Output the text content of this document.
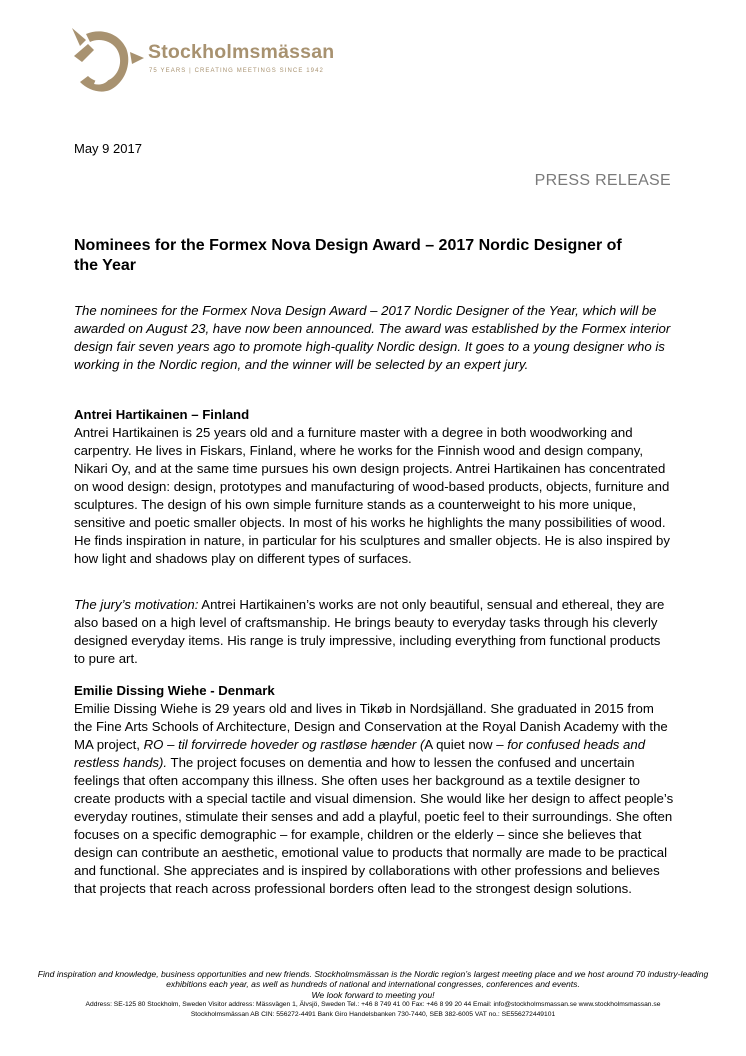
Stockholmsmässan
75 YEARS | CREATING MEETINGS SINCE 1942
May 9 2017
PRESS RELEASE
Nominees for the Formex Nova Design Award – 2017 Nordic Designer of the Year

The nominees for the Formex Nova Design Award – 2017 Nordic Designer of the Year, which will be awarded on August 23, have now been announced. The award was established by the Formex interior design fair seven years ago to promote high-quality Nordic design. It goes to a young designer who is working in the Nordic region, and the winner will be selected by an expert jury.

Antrei Hartikainen – Finland

Antrei Hartikainen is 25 years old and a furniture master with a degree in both woodworking and carpentry. He lives in Fiskars, Finland, where he works for the Finnish wood and design company, Nikari Oy, and at the same time pursues his own design projects. Antrei Hartikainen has concentrated on wood design: design, prototypes and manufacturing of wood-based products, objects, furniture and sculptures. The design of his own simple furniture stands as a counterweight to his more unique, sensitive and poetic smaller objects. In most of his works he highlights the many possibilities of wood. He finds inspiration in nature, in particular for his sculptures and smaller objects. He is also inspired by how light and shadows play on different types of surfaces.

The jury’s motivation: Antrei Hartikainen’s works are not only beautiful, sensual and ethereal, they are also based on a high level of craftsmanship. He brings beauty to everyday tasks through his cleverly designed everyday items. His range is truly impressive, including everything from functional products to pure art.

Emilie Dissing Wiehe - Denmark

Emilie Dissing Wiehe is 29 years old and lives in Tikøb in Nordsjälland. She graduated in 2015 from the Fine Arts Schools of Architecture, Design and Conservation at the Royal Danish Academy with the MA project, RO – til forvirrede hoveder og rastløse hænder (A quiet now – for confused heads and restless hands). The project focuses on dementia and how to lessen the confused and uncertain feelings that often accompany this illness. She often uses her background as a textile designer to create products with a special tactile and visual dimension. She would like her design to affect people’s everyday routines, stimulate their senses and add a playful, poetic feel to their surroundings. She often focuses on a specific demographic – for example, children or the elderly – since she believes that design can contribute an aesthetic, emotional value to products that normally are made to be practical and functional. She appreciates and is inspired by collaborations with other professions and believes that projects that reach across professional borders often lead to the strongest design solutions.

Find inspiration and knowledge, business opportunities and new friends. Stockholmsmässan is the Nordic region’s largest meeting place and we host around 70 industry-leading exhibitions each year, as well as hundreds of national and international congresses, conferences and events.

We look forward to meeting you!

Address: SE-125 80 Stockholm, Sweden Visitor address: Mässvägen 1, Älvsjö, Sweden Tel.: +46 8 749 41 00 Fax: +46 8 99 20 44 Email: info@stockholmsmassan.se www.stockholmsmassan.se

Stockholmsmässan AB CIN: 556272-4491 Bank Giro Handelsbanken 730-7440, SEB 382-6005 VAT no.: SE556272449101
